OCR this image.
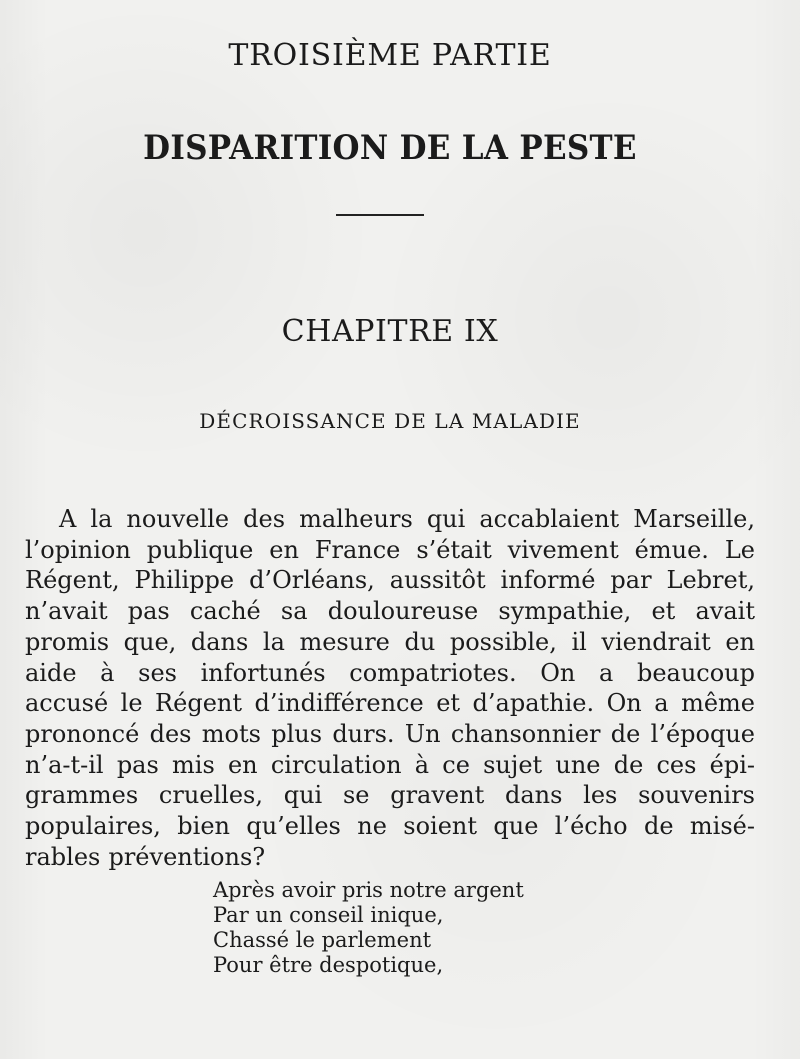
TROISIÈME PARTIE
DISPARITION DE LA PESTE
CHAPITRE IX
DÉCROISSANCE DE LA MALADIE
A la nouvelle des malheurs qui accablaient Marseille,
l’opinion publique en France s’était vivement émue. Le
Régent, Philippe d’Orléans, aussitôt informé par Lebret,
n’avait pas caché sa douloureuse sympathie, et avait
promis que, dans la mesure du possible, il viendrait en
aide à ses infortunés compatriotes. On a beaucoup
accusé le Régent d’indifférence et d’apathie. On a même
prononcé des mots plus durs. Un chansonnier de l’époque
n’a-t-il pas mis en circulation à ce sujet une de ces épi-
grammes cruelles, qui se gravent dans les souvenirs
populaires, bien qu’elles ne soient que l’écho de misé-
rables préventions?
Après avoir pris notre argent
Par un conseil inique,
Chassé le parlement
Pour être despotique,
